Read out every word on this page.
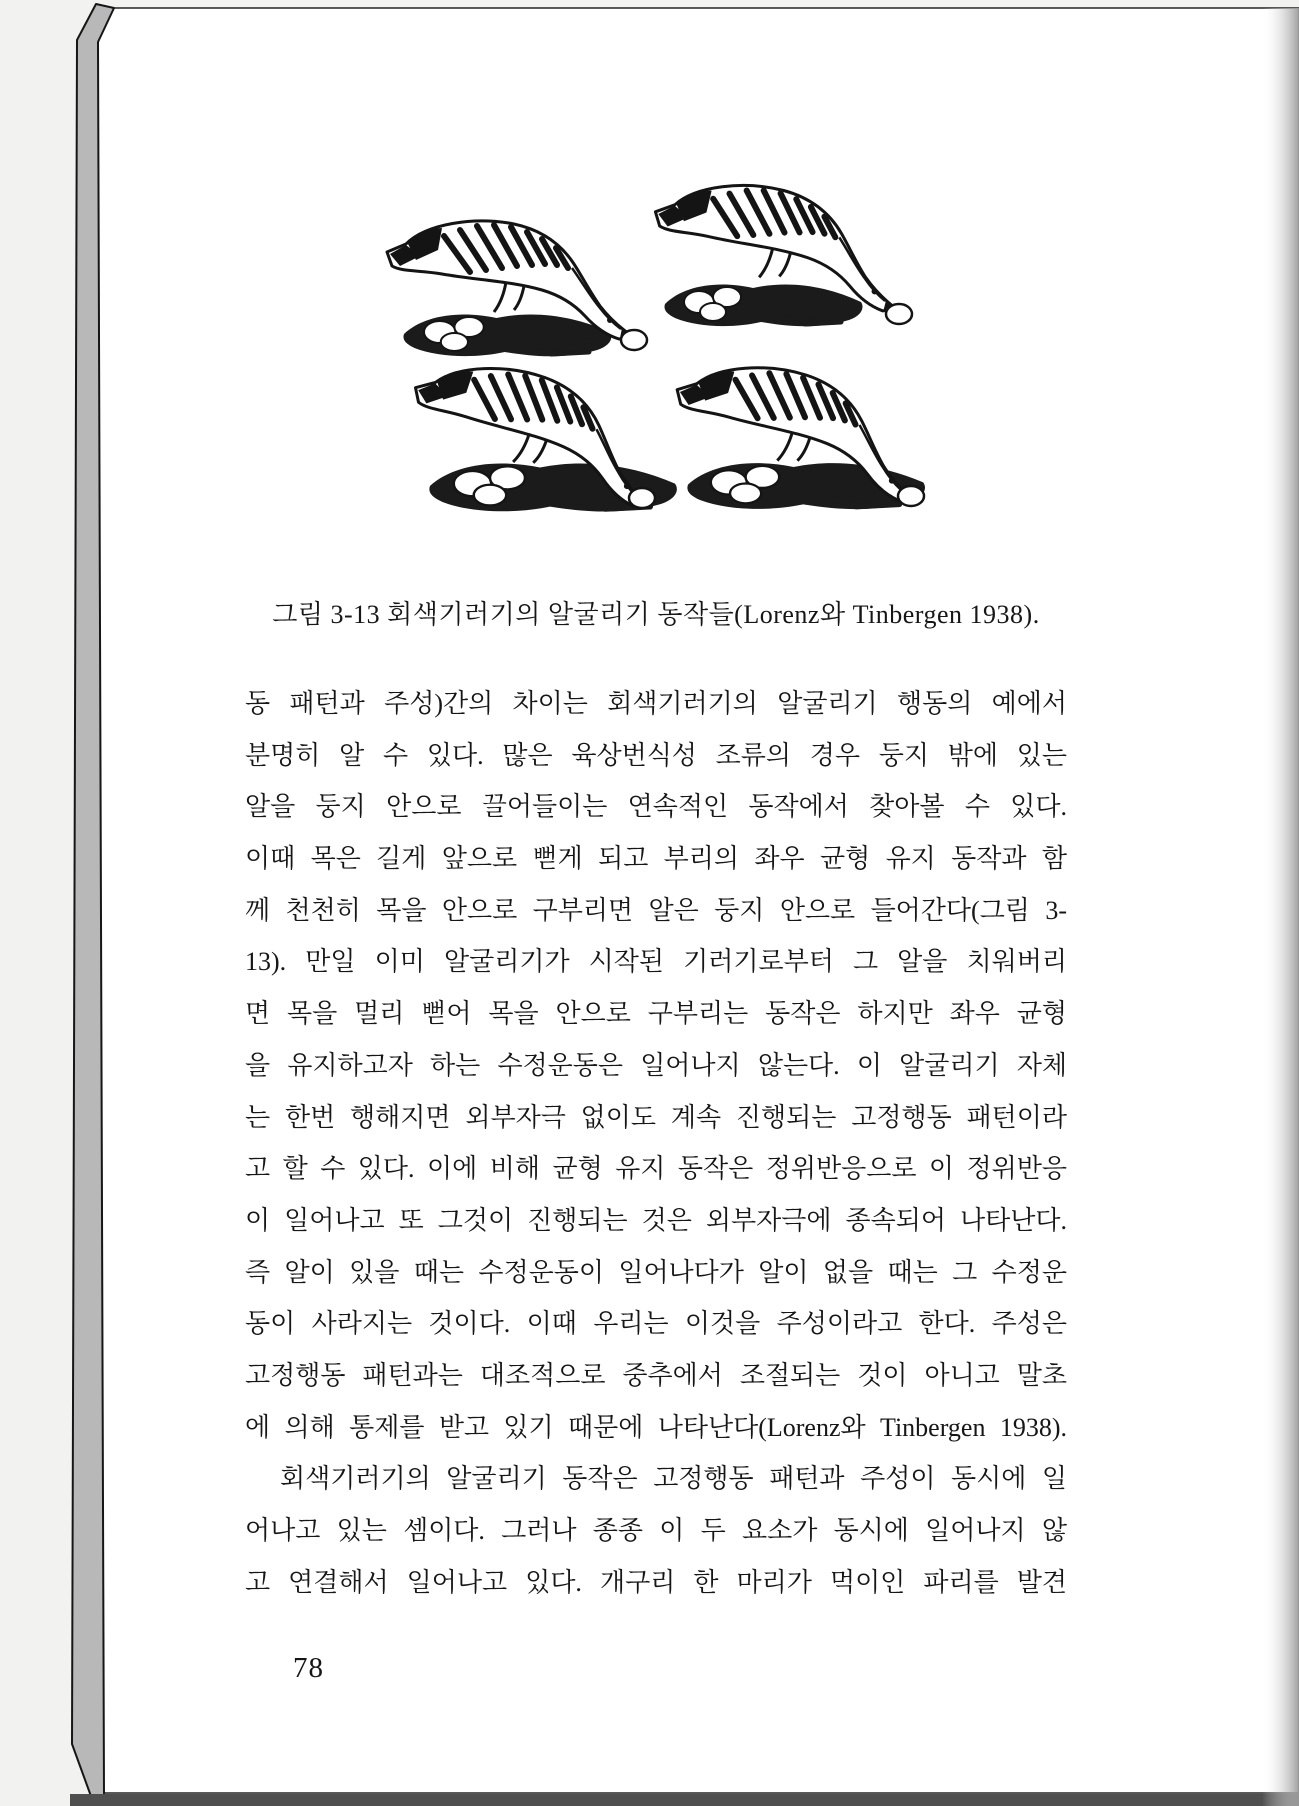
그림 3-13 회색기러기의 알굴리기 동작들(Lorenz와 Tinbergen 1938).
동 패턴과 주성)간의 차이는 회색기러기의 알굴리기 행동의 예에서
분명히 알 수 있다. 많은 육상번식성 조류의 경우 둥지 밖에 있는
알을 둥지 안으로 끌어들이는 연속적인 동작에서 찾아볼 수 있다.
이때 목은 길게 앞으로 뻗게 되고 부리의 좌우 균형 유지 동작과 함
께 천천히 목을 안으로 구부리면 알은 둥지 안으로 들어간다(그림 3-
13). 만일 이미 알굴리기가 시작된 기러기로부터 그 알을 치워버리
면 목을 멀리 뻗어 목을 안으로 구부리는 동작은 하지만 좌우 균형
을 유지하고자 하는 수정운동은 일어나지 않는다. 이 알굴리기 자체
는 한번 행해지면 외부자극 없이도 계속 진행되는 고정행동 패턴이라
고 할 수 있다. 이에 비해 균형 유지 동작은 정위반응으로 이 정위반응
이 일어나고 또 그것이 진행되는 것은 외부자극에 종속되어 나타난다.
즉 알이 있을 때는 수정운동이 일어나다가 알이 없을 때는 그 수정운
동이 사라지는 것이다. 이때 우리는 이것을 주성이라고 한다. 주성은
고정행동 패턴과는 대조적으로 중추에서 조절되는 것이 아니고 말초
에 의해 통제를 받고 있기 때문에 나타난다(Lorenz와 Tinbergen 1938).
　회색기러기의 알굴리기 동작은 고정행동 패턴과 주성이 동시에 일
어나고 있는 셈이다. 그러나 종종 이 두 요소가 동시에 일어나지 않
고 연결해서 일어나고 있다. 개구리 한 마리가 먹이인 파리를 발견
78
